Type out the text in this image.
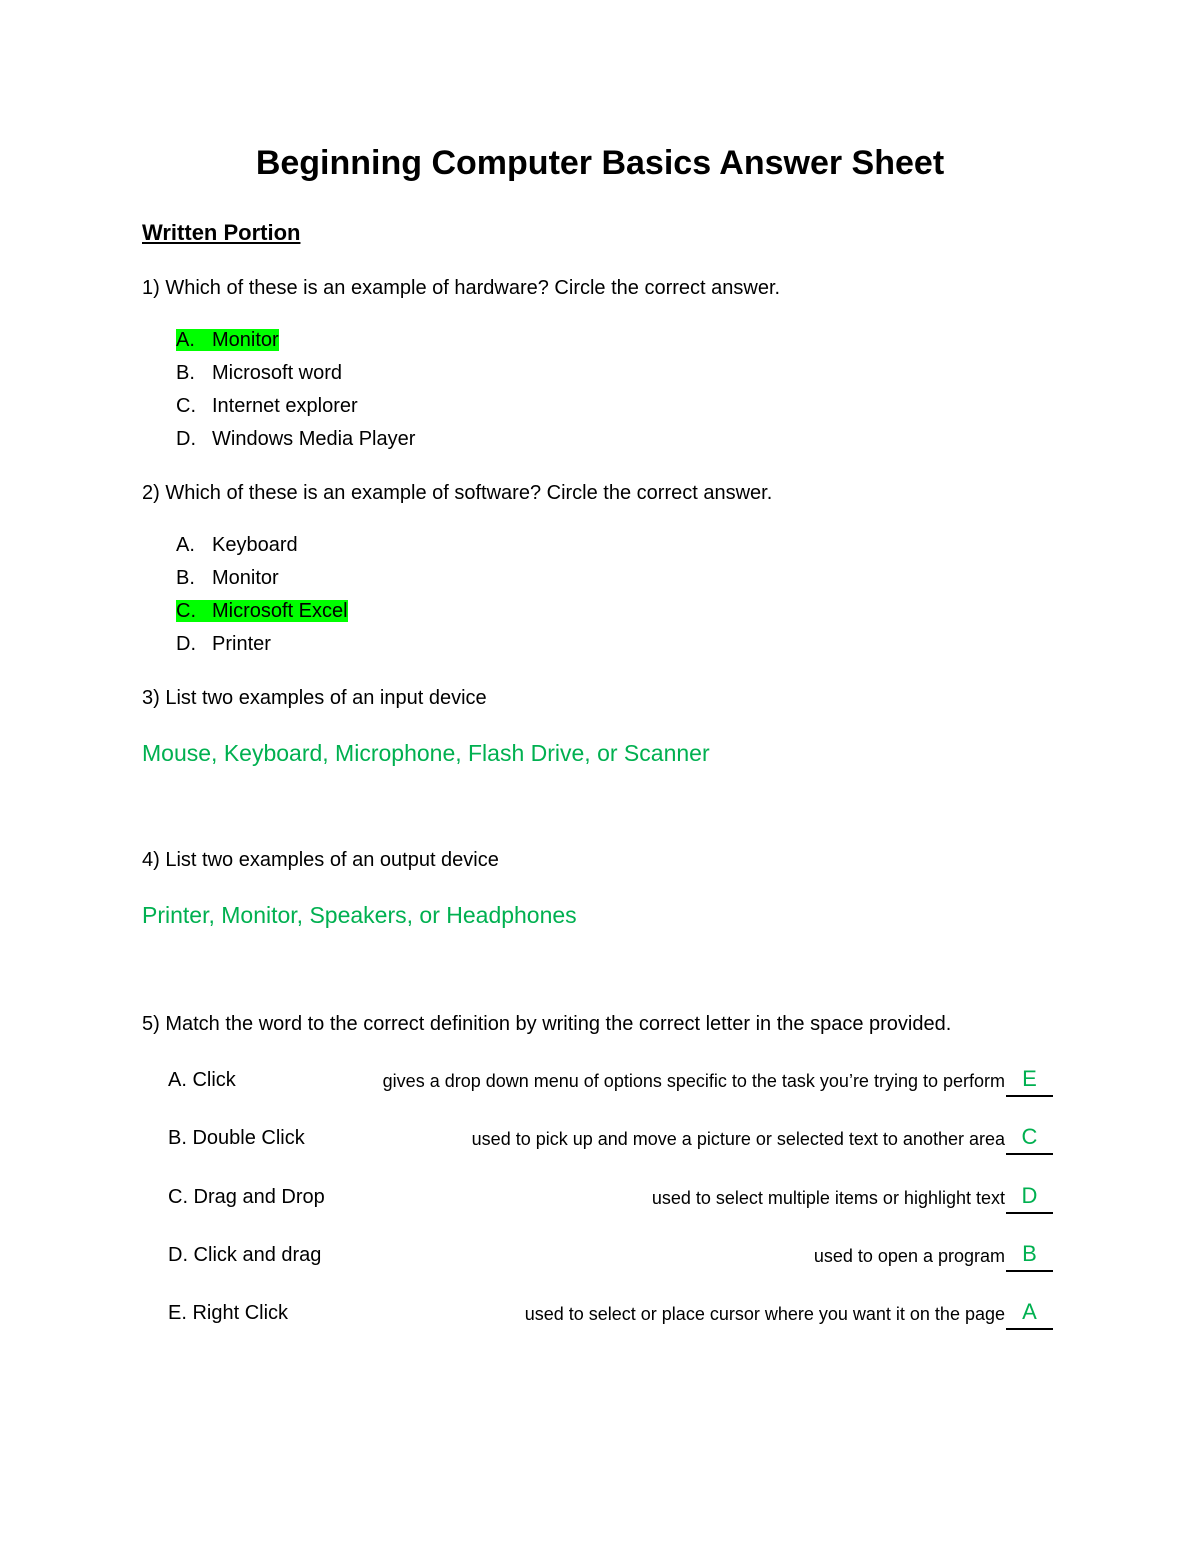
Beginning Computer Basics Answer Sheet
Written Portion
1) Which of these is an example of hardware? Circle the correct answer.
A. Monitor
B. Microsoft word
C. Internet explorer
D. Windows Media Player
2) Which of these is an example of software? Circle the correct answer.
A. Keyboard
B. Monitor
C. Microsoft Excel
D. Printer
3) List two examples of an input device
Mouse, Keyboard, Microphone, Flash Drive, or Scanner
4) List two examples of an output device
Printer, Monitor, Speakers, or Headphones
5) Match the word to the correct definition by writing the correct letter in the space provided.
A. Click	gives a drop down menu of options specific to the task you’re trying to perform E
B. Double Click	used to pick up and move a picture or selected text to another area C
C. Drag and Drop	used to select multiple items or highlight text D
D. Click and drag	used to open a program B
E. Right Click	used to select or place cursor where you want it on the page A
